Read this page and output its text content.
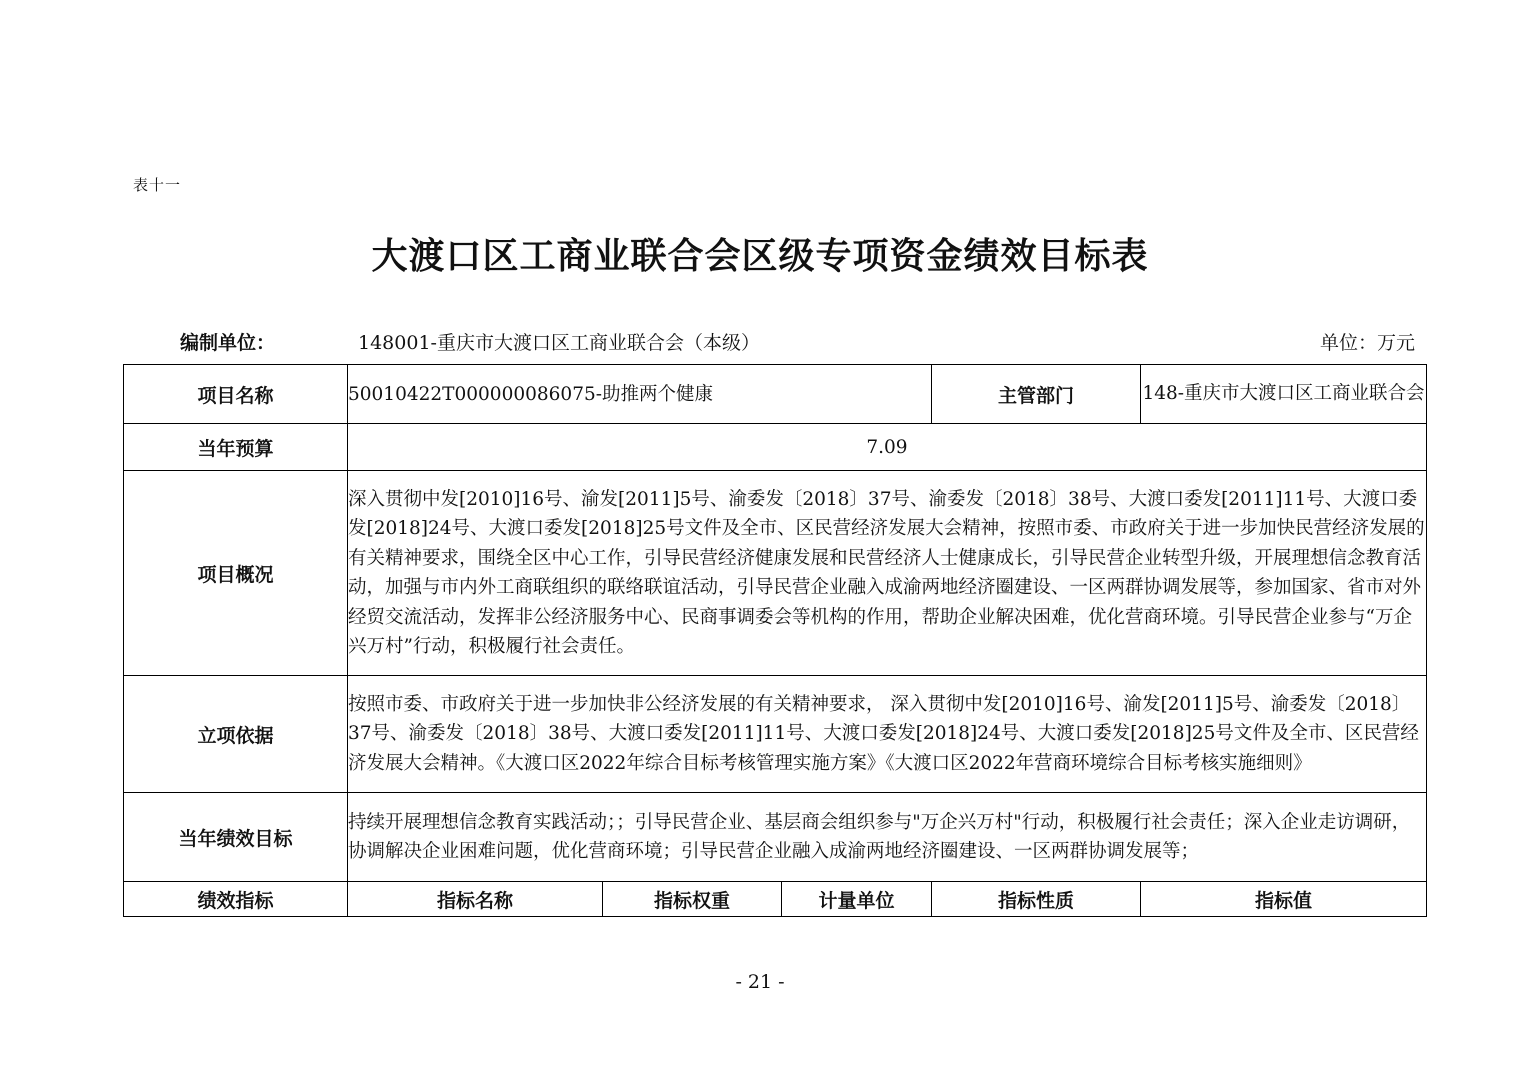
表十一
大渡口区工商业联合会区级专项资金绩效目标表
编制单位：	148001-重庆市大渡口区工商业联合会（本级）	单位：万元
项目名称	50010422T000000086075-助推两个健康			主管部门	148-重庆市大渡口区工商业联合会
当年预算	7.09				
项目概况	深入贯彻中发[2010]16号、渝发[2011]5号、渝委发〔2018〕37号、渝委发〔2018〕38号、大渡口委发[2011]11号、大渡口委发[2018]24号、大渡口委发[2018]25号文件及全市、区民营经济发展大会精神，按照市委、市政府关于进一步加快民营经济发展的有关精神要求，围绕全区中心工作，引导民营经济健康发展和民营经济人士健康成长，引导民营企业转型升级，开展理想信念教育活动，加强与市内外工商联组织的联络联谊活动，引导民营企业融入成渝两地经济圈建设、一区两群协调发展等，参加国家、省市对外经贸交流活动，发挥非公经济服务中心、民商事调委会等机构的作用，帮助企业解决困难，优化营商环境。引导民营企业参与“万企兴万村”行动，积极履行社会责任。				
立项依据	按照市委、市政府关于进一步加快非公经济发展的有关精神要求， 深入贯彻中发[2010]16号、渝发[2011]5号、渝委发〔2018〕37号、渝委发〔2018〕38号、大渡口委发[2011]11号、大渡口委发[2018]24号、大渡口委发[2018]25号文件及全市、区民营经济发展大会精神。《大渡口区2022年综合目标考核管理实施方案》《大渡口区2022年营商环境综合目标考核实施细则》				
当年绩效目标	持续开展理想信念教育实践活动；；引导民营企业、基层商会组织参与"万企兴万村"行动，积极履行社会责任；深入企业走访调研，协调解决企业困难问题，优化营商环境；引导民营企业融入成渝两地经济圈建设、一区两群协调发展等；				
绩效指标	指标名称	指标权重	计量单位	指标性质	指标值
- 21 -
